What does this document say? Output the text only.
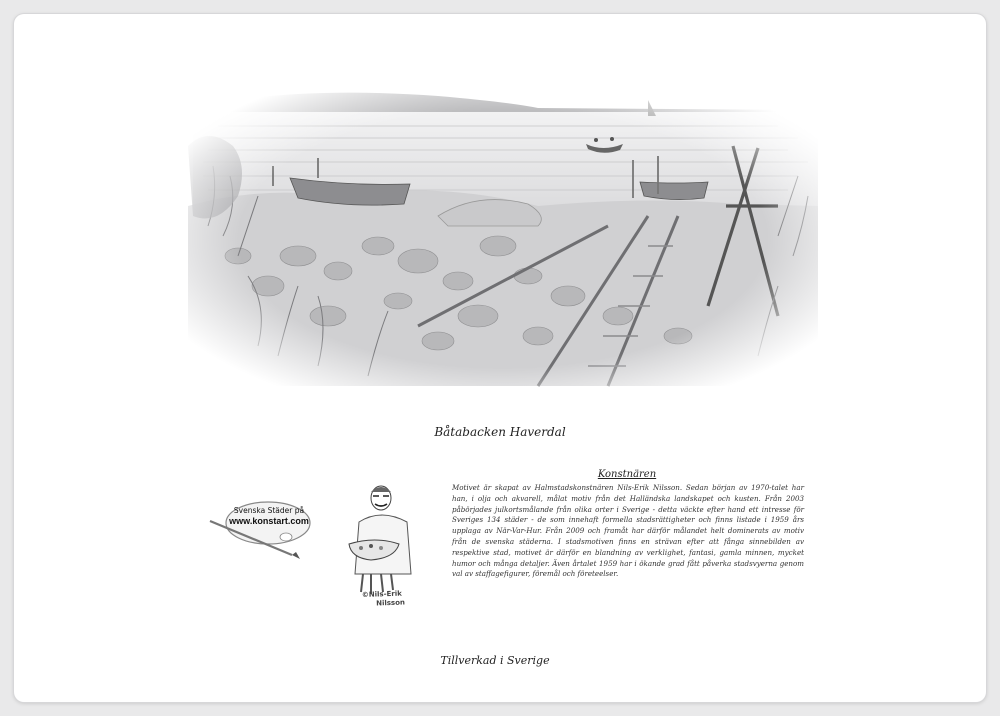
Båtabacken Haverdal
Svenska Städer på
www.konstart.com
©Nils-Erik
Nilsson
Konstnären
Motivet är skapat av Halmstadskonstnären Nils-Erik Nilsson. Sedan början av 1970-talet har han, i olja och akvarell, målat motiv från det Halländska landskapet och kusten. Från 2003 påbörjades julkortsmålande från olika orter i Sverige - detta väckte efter hand ett intresse för Sveriges 134 städer - de som innehaft formella stadsrättigheter och finns listade i 1959 års upplaga av När-Var-Hur. Från 2009 och framåt har därför målandet helt dominerats av motiv från de svenska städerna. I stadsmotiven finns en strävan efter att fånga sinnebilden av respektive stad, motivet är därför en blandning av verklighet, fantasi, gamla minnen, mycket humor och många detaljer. Även årtalet 1959 har i ökande grad fått påverka stadsvyerna genom val av staffagefigurer, föremål och företeelser.
Tillverkad i Sverige
